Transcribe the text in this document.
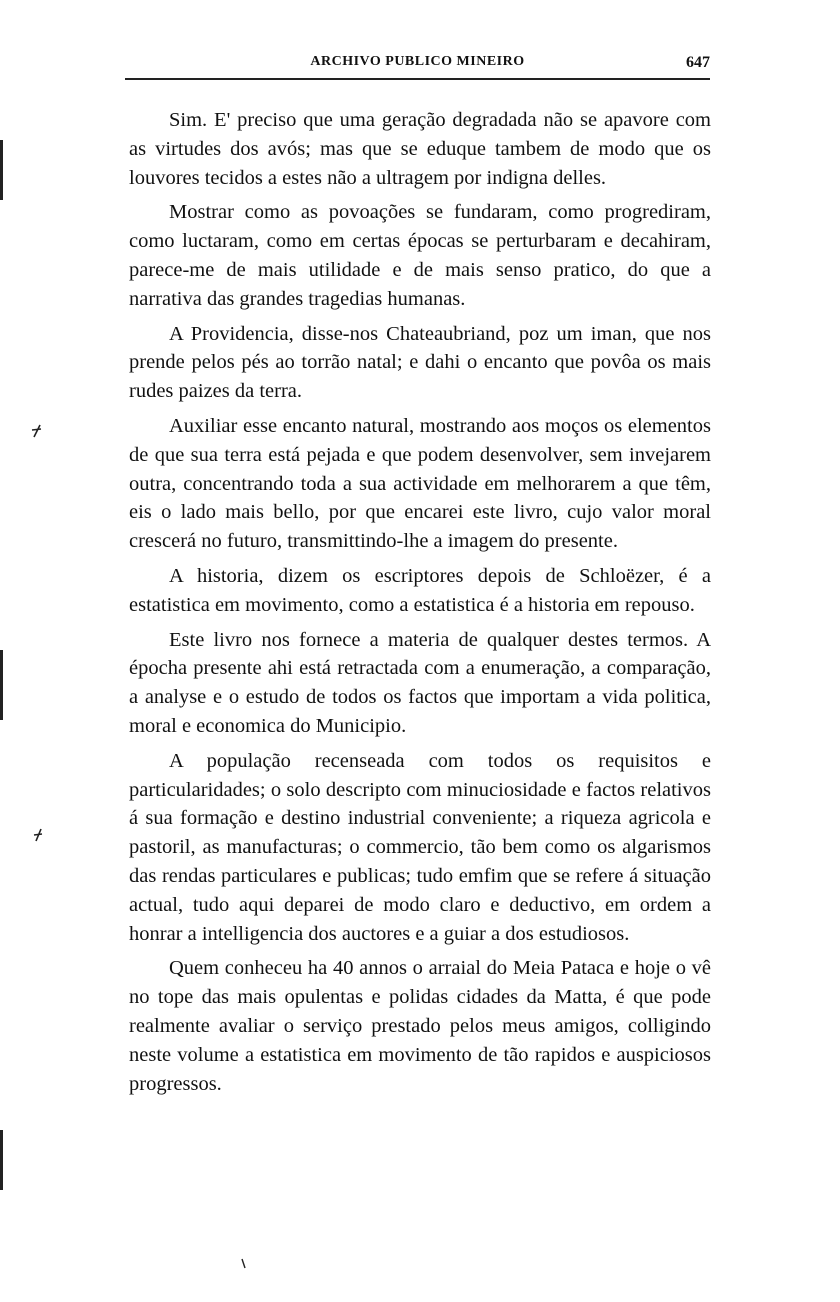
ARCHIVO PUBLICO MINEIRO	647

Sim. E' preciso que uma geração degradada não se apavore com as virtudes dos avós; mas que se eduque tambem de modo que os louvores tecidos a estes não a ultragem por indigna delles.

Mostrar como as povoações se fundaram, como progrediram, como luctaram, como em certas épocas se perturbaram e decahiram, parece-me de mais utilidade e de mais senso pratico, do que a narrativa das grandes tragedias humanas.

A Providencia, disse-nos Chateaubriand, poz um iman, que nos prende pelos pés ao torrão natal; e dahi o encanto que povôa os mais rudes paizes da terra.

Auxiliar esse encanto natural, mostrando aos moços os elementos de que sua terra está pejada e que podem desenvolver, sem invejarem outra, concentrando toda a sua actividade em melhorarem a que têm, eis o lado mais bello, por que encarei este livro, cujo valor moral crescerá no futuro, transmittindo-lhe a imagem do presente.

A historia, dizem os escriptores depois de Schloëzer, é a estatistica em movimento, como a estatistica é a historia em repouso.

Este livro nos fornece a materia de qualquer destes termos. A épocha presente ahi está retractada com a enumeração, a comparação, a analyse e o estudo de todos os factos que importam a vida politica, moral e economica do Municipio.

A população recenseada com todos os requisitos e particularidades; o solo descripto com minuciosidade e factos relativos á sua formação e destino industrial conveniente; a riqueza agricola e pastoril, as manufacturas; o commercio, tão bem como os algarismos das rendas particulares e publicas; tudo emfim que se refere á situação actual, tudo aqui deparei de modo claro e deductivo, em ordem a honrar a intelligencia dos auctores e a guiar a dos estudiosos.

Quem conheceu ha 40 annos o arraial do Meia Pataca e hoje o vê no tope das mais opulentas e polidas cidades da Matta, é que pode realmente avaliar o serviço prestado pelos meus amigos, colligindo neste volume a estatistica em movimento de tão rapidos e auspiciosos progressos.
